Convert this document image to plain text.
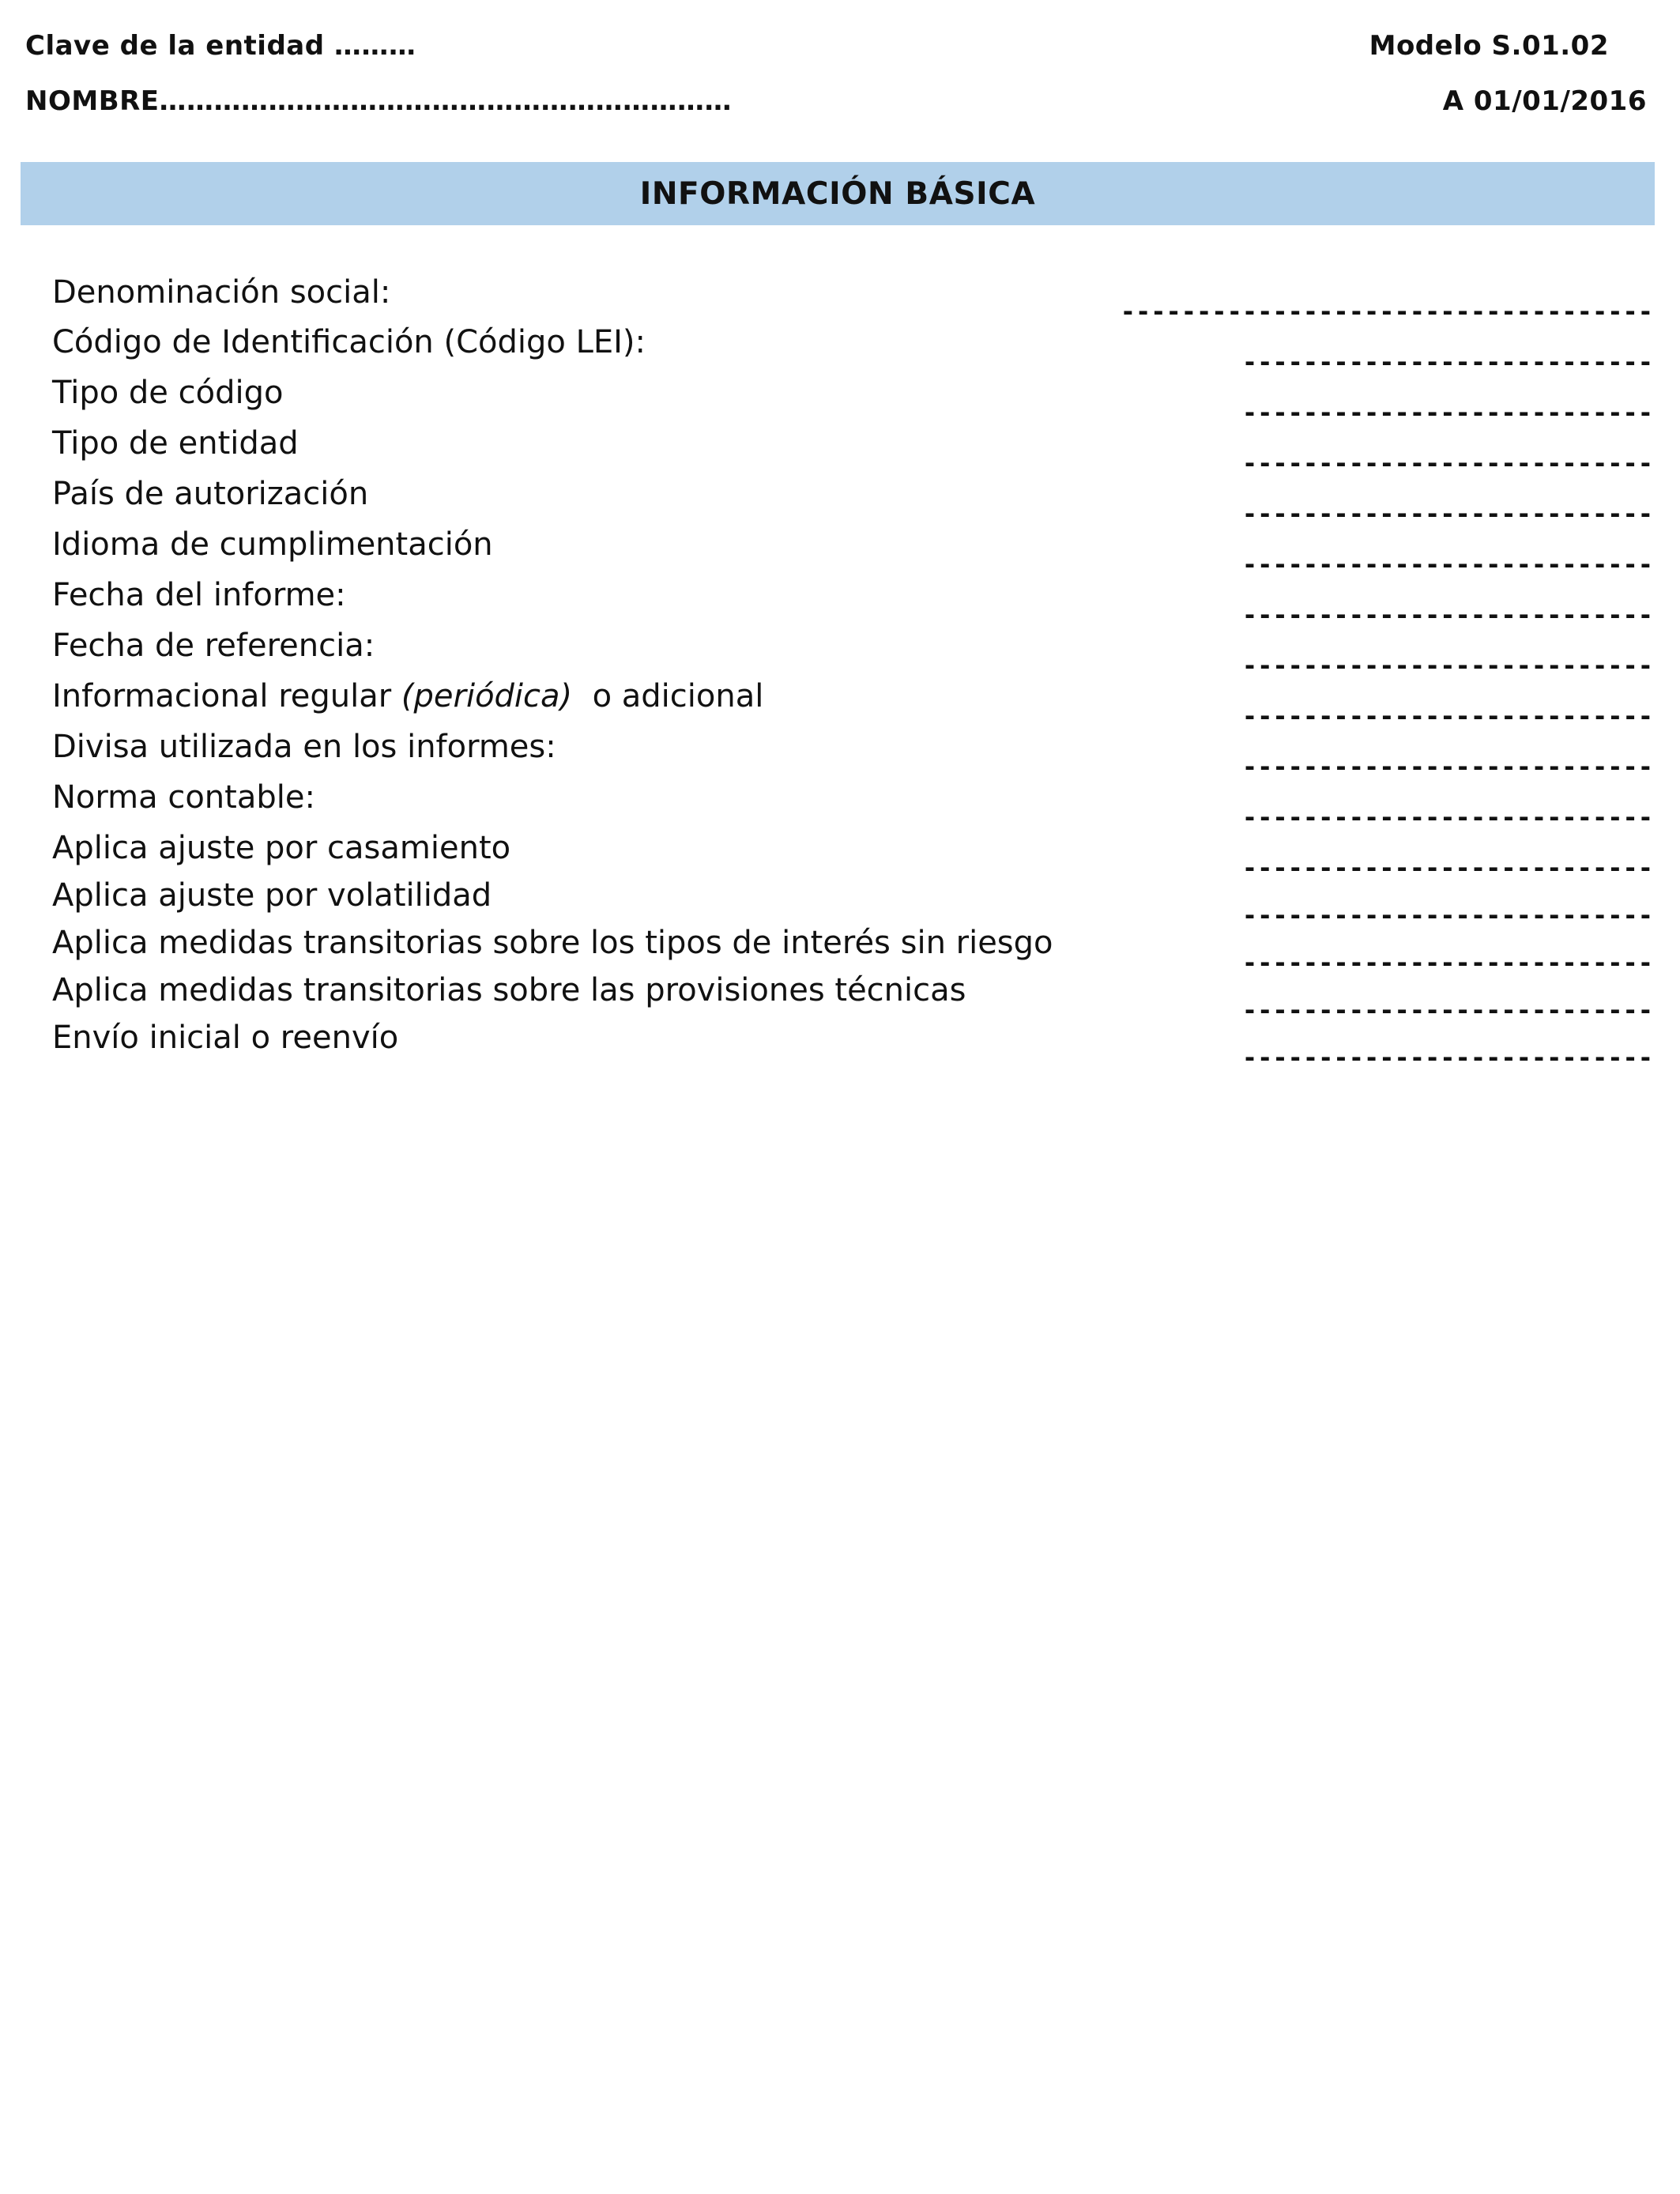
Clave de la entidad ………	Modelo S.01.02
NOMBRE………………………………………………………	A 01/01/2016
INFORMACIÓN BÁSICA
Denominación social:
-----------------------------------
Código de Identificación (Código LEI):
---------------------------
Tipo de código
---------------------------
Tipo de entidad
---------------------------
País de autorización
---------------------------
Idioma de cumplimentación
---------------------------
Fecha del informe:
---------------------------
Fecha de referencia:
---------------------------
Informacional regular (periódica)  o adicional
---------------------------
Divisa utilizada en los informes:
---------------------------
Norma contable:
---------------------------
Aplica ajuste por casamiento
---------------------------
Aplica ajuste por volatilidad
---------------------------
Aplica medidas transitorias sobre los tipos de interés sin riesgo
---------------------------
Aplica medidas transitorias sobre las provisiones técnicas
---------------------------
Envío inicial o reenvío
---------------------------
